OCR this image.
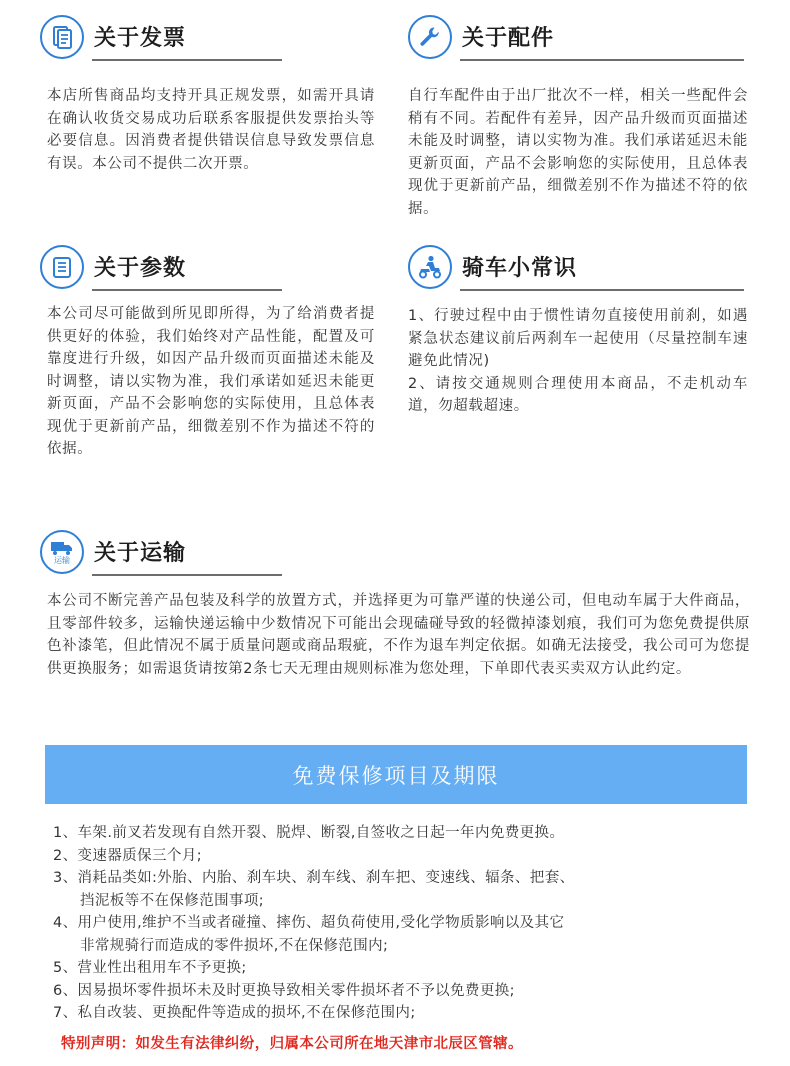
关于发票

本店所售商品均支持开具正规发票，如需开具请在确认收货交易成功后联系客服提供发票抬头等必要信息。因消费者提供错误信息导致发票信息有误。本公司不提供二次开票。

关于配件

自行车配件由于出厂批次不一样，相关一些配件会稍有不同。若配件有差异，因产品升级而页面描述未能及时调整，请以实物为准。我们承诺延迟未能更新页面，产品不会影响您的实际使用，且总体表现优于更新前产品，细微差别不作为描述不符的依据。

关于参数

本公司尽可能做到所见即所得，为了给消费者提供更好的体验，我们始终对产品性能，配置及可靠度进行升级，如因产品升级而页面描述未能及时调整，请以实物为准，我们承诺如延迟未能更新页面，产品不会影响您的实际使用，且总体表现优于更新前产品，细微差别不作为描述不符的依据。

骑车小常识

1、行驶过程中由于惯性请勿直接使用前刹，如遇紧急状态建议前后两刹车一起使用（尽量控制车速避免此情况)

2、请按交通规则合理使用本商品，不走机动车道，勿超载超速。

运输 关于运输

本公司不断完善产品包装及科学的放置方式，并选择更为可靠严谨的快递公司，但电动车属于大件商品，且零部件较多，运输快递运输中少数情况下可能出会现磕碰导致的轻微掉漆划痕，我们可为您免费提供原色补漆笔，但此情况不属于质量问题或商品瑕疵，不作为退车判定依据。如确无法接受，我公司可为您提供更换服务；如需退货请按第2条七天无理由规则标准为您处理，下单即代表买卖双方认此约定。

免费保修项目及期限
1、车架.前叉若发现有自然开裂、脱焊、断裂,自签收之日起一年内免费更换。
2、变速器质保三个月;
3、消耗品类如:外胎、内胎、刹车块、刹车线、刹车把、变速线、辐条、把套、
挡泥板等不在保修范围事项;
4、用户使用,维护不当或者碰撞、摔伤、超负荷使用,受化学物质影响以及其它
非常规骑行而造成的零件损坏,不在保修范围内;
5、营业性出租用车不予更换;
6、因易损坏零件损坏未及时更换导致相关零件损坏者不予以免费更换;
7、私自改装、更换配件等造成的损坏,不在保修范围内;
特别声明：如发生有法律纠纷，归属本公司所在地天津市北辰区管辖。
